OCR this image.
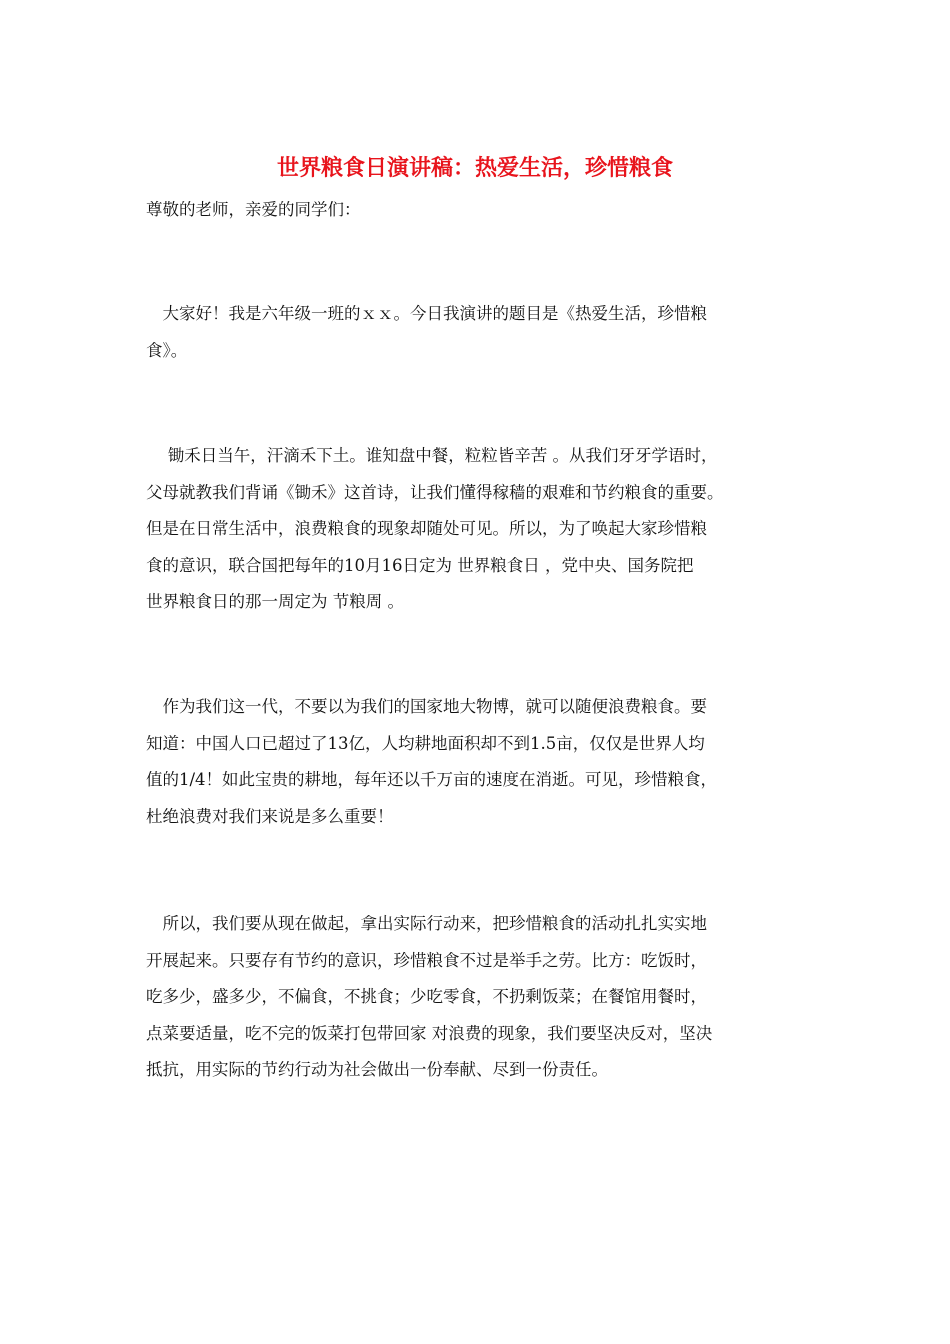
世界粮食日演讲稿：热爱生活，珍惜粮食

尊敬的老师，亲爱的同学们：

　大家好！我是六年级一班的ｘｘ。今日我演讲的题目是《热爱生活，珍惜粮
食》。
　 锄禾日当午，汗滴禾下土。谁知盘中餐，粒粒皆辛苦 。从我们牙牙学语时，
父母就教我们背诵《锄禾》这首诗，让我们懂得稼穑的艰难和节约粮食的重要。
但是在日常生活中，浪费粮食的现象却随处可见。所以，为了唤起大家珍惜粮
食的意识，联合国把每年的10月16日定为 世界粮食日 ，党中央、国务院把
世界粮食日的那一周定为 节粮周 。
　作为我们这一代，不要以为我们的国家地大物博，就可以随便浪费粮食。要
知道：中国人口已超过了13亿，人均耕地面积却不到1.5亩，仅仅是世界人均
值的1/4！如此宝贵的耕地，每年还以千万亩的速度在消逝。可见，珍惜粮食，
杜绝浪费对我们来说是多么重要！
　所以，我们要从现在做起，拿出实际行动来，把珍惜粮食的活动扎扎实实地
开展起来。只要存有节约的意识，珍惜粮食不过是举手之劳。比方：吃饭时，
吃多少，盛多少，不偏食，不挑食；少吃零食，不扔剩饭菜；在餐馆用餐时，
点菜要适量，吃不完的饭菜打包带回家 对浪费的现象，我们要坚决反对，坚决
抵抗，用实际的节约行动为社会做出一份奉献、尽到一份责任。
